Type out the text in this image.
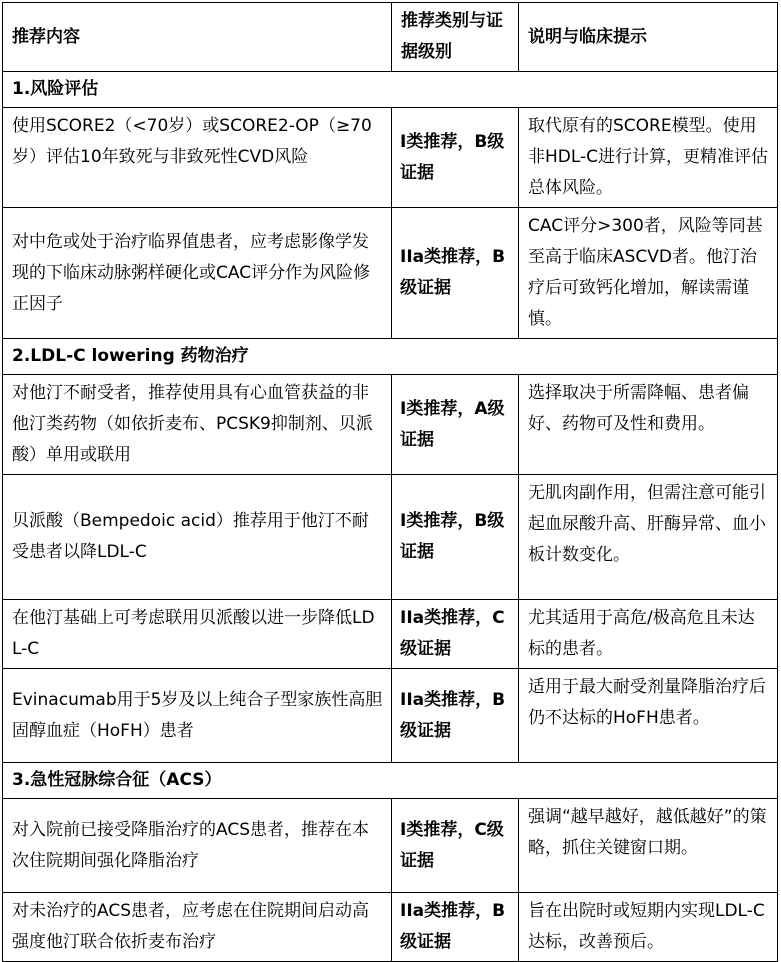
推荐内容	推荐类别与证据级别	说明与临床提示
1.风险评估		
使用SCORE2（<70岁）或SCORE2-OP（≥70岁）评估10年致死与非致死性CVD风险	I类推荐，B级证据	取代原有的SCORE模型。使用非HDL-C进行计算，更精准评估总体风险。
对中危或处于治疗临界值患者，应考虑影像学发现的下临床动脉粥样硬化或CAC评分作为风险修正因子	IIa类推荐，B级证据	CAC评分>300者，风险等同甚至高于临床ASCVD者。他汀治疗后可致钙化增加，解读需谨慎。
2.LDL-C lowering 药物治疗		
对他汀不耐受者，推荐使用具有心血管获益的非他汀类药物（如依折麦布、PCSK9抑制剂、贝派酸）单用或联用	I类推荐，A级证据	选择取决于所需降幅、患者偏好、药物可及性和费用。
贝派酸（Bempedoic acid）推荐用于他汀不耐受患者以降LDL-C	I类推荐，B级证据	无肌肉副作用，但需注意可能引起血尿酸升高、肝酶异常、血小板计数变化。
在他汀基础上可考虑联用贝派酸以进一步降低LDL-C	IIa类推荐，C级证据	尤其适用于高危/极高危且未达标的患者。
Evinacumab用于5岁及以上纯合子型家族性高胆固醇血症（HoFH）患者	IIa类推荐，B级证据	适用于最大耐受剂量降脂治疗后仍不达标的HoFH患者。
3.急性冠脉综合征（ACS）		
对入院前已接受降脂治疗的ACS患者，推荐在本次住院期间强化降脂治疗	I类推荐，C级证据	强调“越早越好，越低越好”的策略，抓住关键窗口期。
对未治疗的ACS患者，应考虑在住院期间启动高强度他汀联合依折麦布治疗	IIa类推荐，B级证据	旨在出院时或短期内实现LDL-C达标，改善预后。
